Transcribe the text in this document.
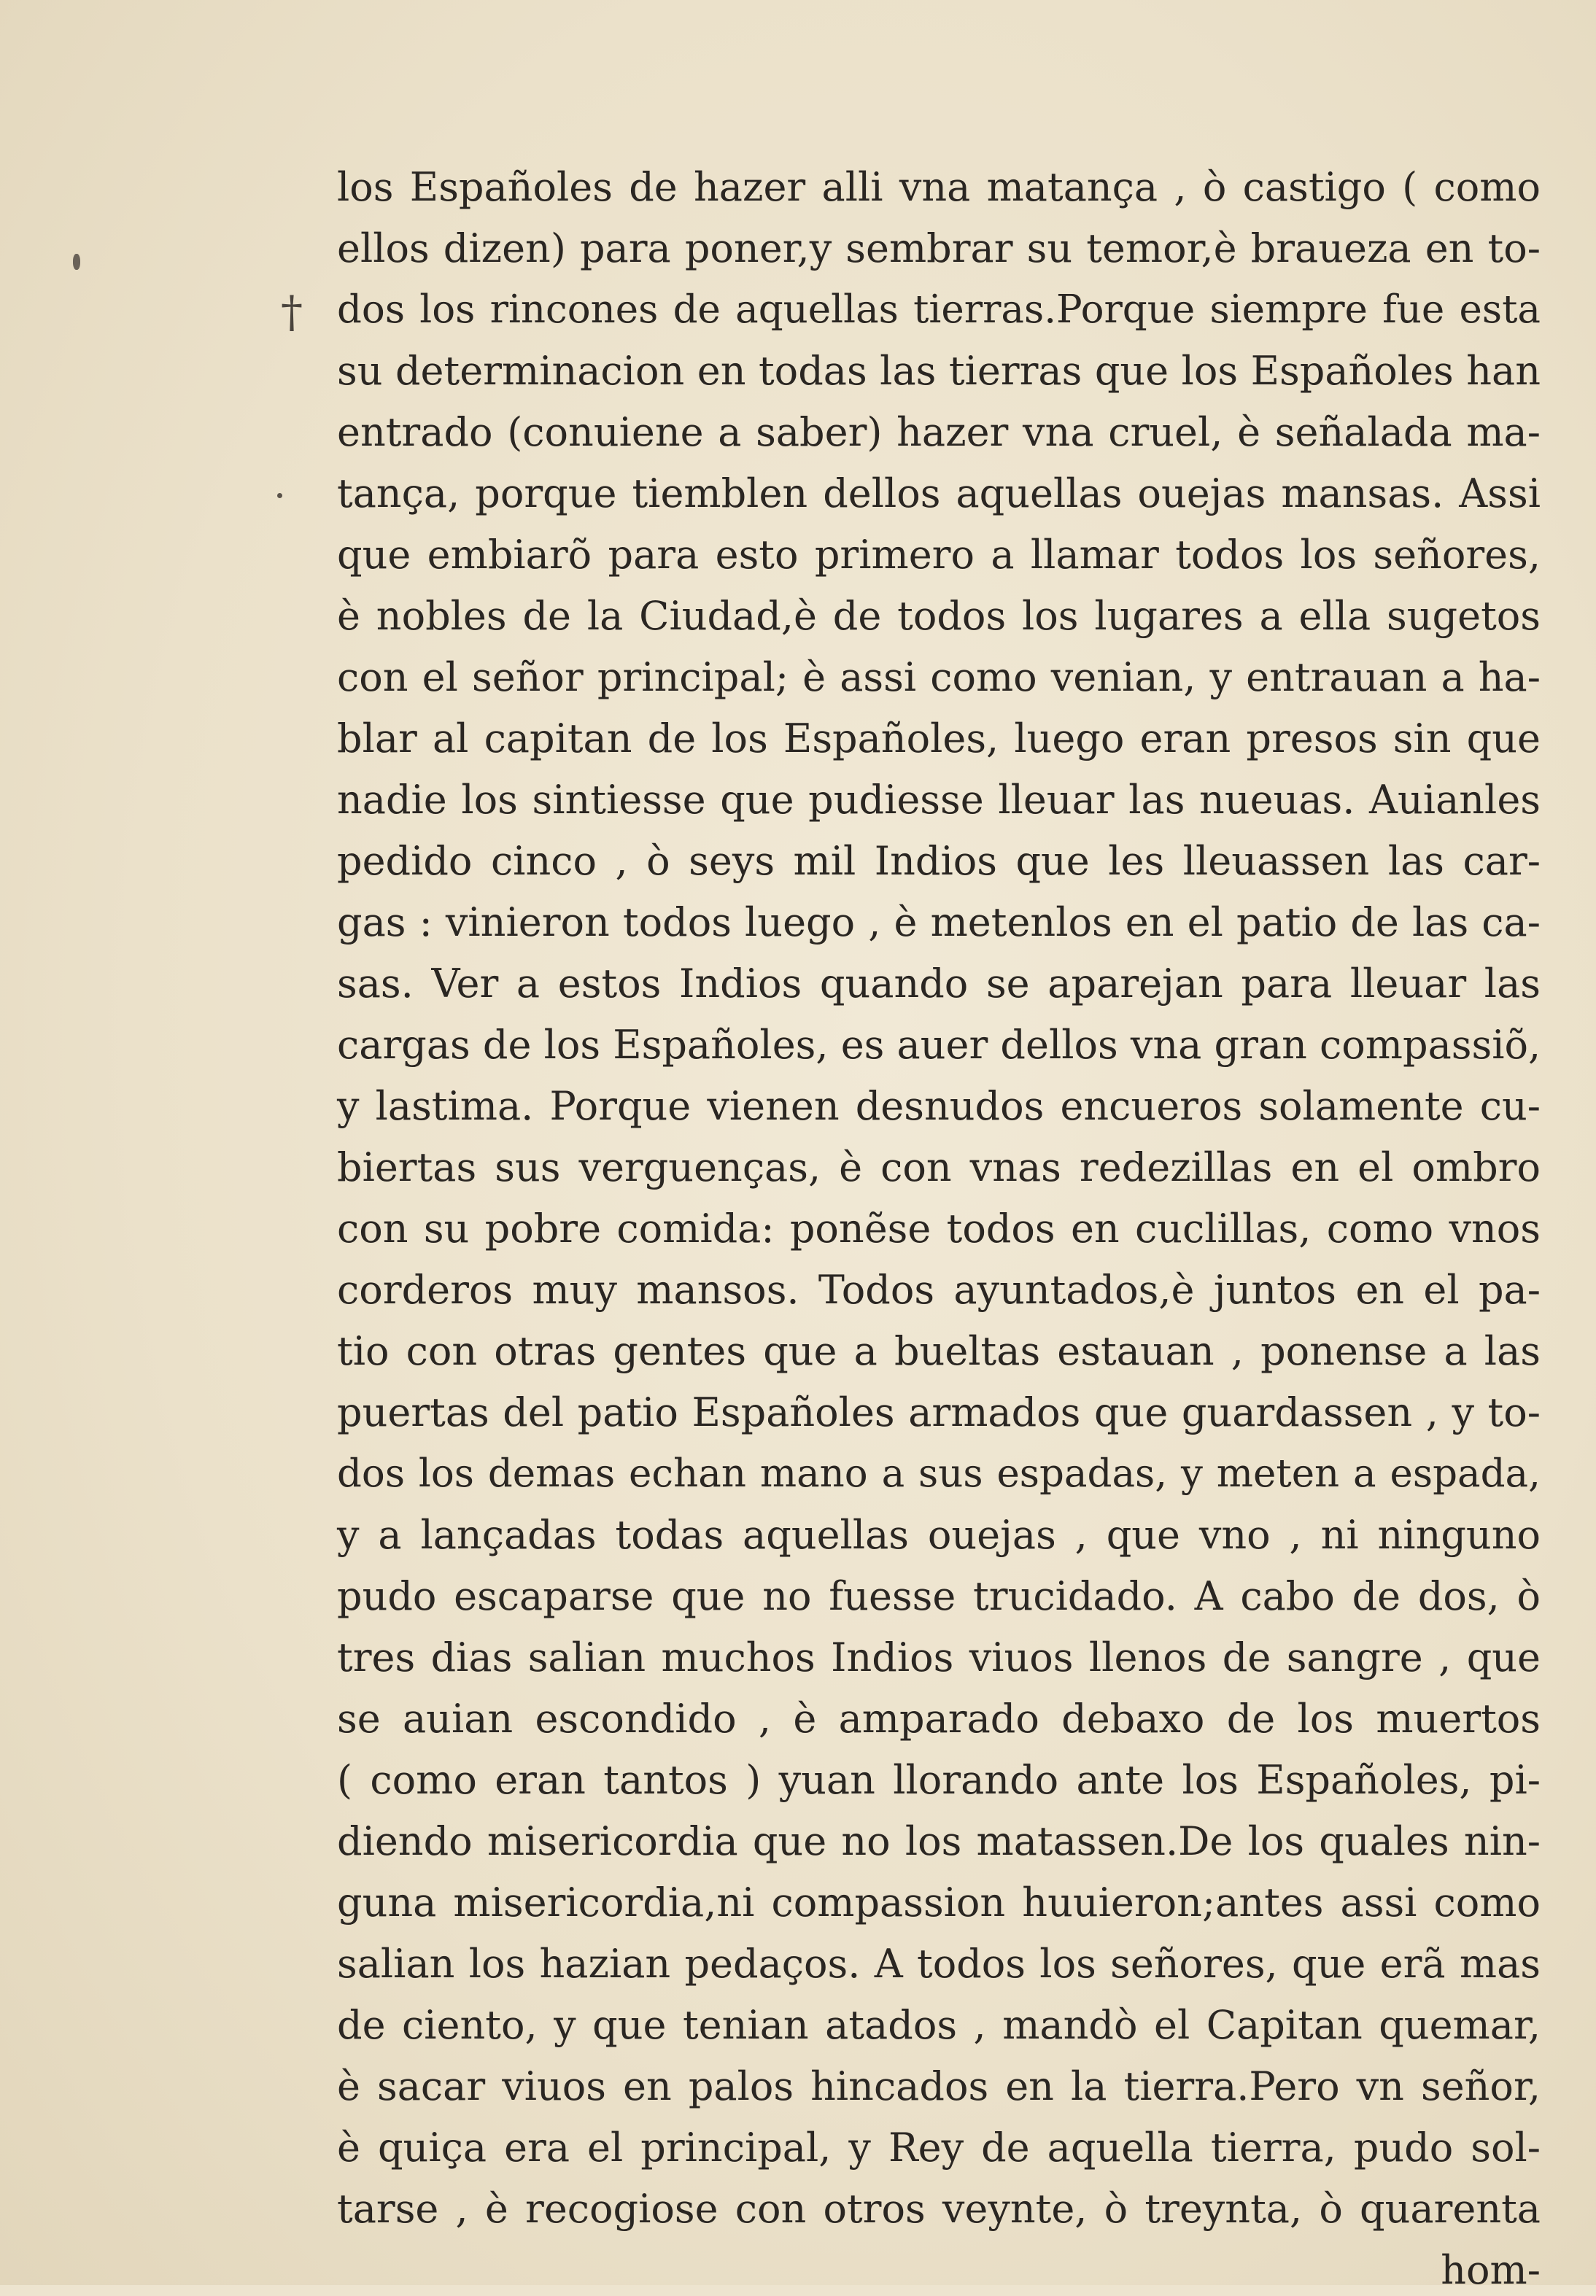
†
los Españoles de hazer alli vna matança , ò castigo ( como
ellos dizen) para poner,y sembrar su temor,è braueza en to-
dos los rincones de aquellas tierras.Porque siempre fue esta
su determinacion en todas las tierras que los Españoles han
entrado (conuiene a saber) hazer vna cruel, è señalada ma-
tança, porque tiemblen dellos aquellas ouejas mansas. Assi
que embiarõ para esto primero a llamar todos los señores,
è nobles de la Ciudad,è de todos los lugares a ella sugetos
con el señor principal; è assi como venian, y entrauan a ha-
blar al capitan de los Españoles, luego eran presos sin que
nadie los sintiesse que pudiesse lleuar las nueuas. Auianles
pedido cinco , ò seys mil Indios que les lleuassen las car-
gas : vinieron todos luego , è metenlos en el patio de las ca-
sas. Ver a estos Indios quando se aparejan para lleuar las
cargas de los Españoles, es auer dellos vna gran compassiõ,
y lastima. Porque vienen desnudos encueros solamente cu-
biertas sus verguenças, è con vnas redezillas en el ombro
con su pobre comida: ponẽse todos en cuclillas, como vnos
corderos muy mansos. Todos ayuntados,è juntos en el pa-
tio con otras gentes que a bueltas estauan , ponense a las
puertas del patio Españoles armados que guardassen , y to-
dos los demas echan mano a sus espadas, y meten a espada,
y a lançadas todas aquellas ouejas , que vno , ni ninguno
pudo escaparse que no fuesse trucidado. A cabo de dos, ò
tres dias salian muchos Indios viuos llenos de sangre , que
se auian escondido , è amparado debaxo de los muertos
( como eran tantos ) yuan llorando ante los Españoles, pi-
diendo misericordia que no los matassen.De los quales nin-
guna misericordia,ni compassion huuieron;antes assi como
salian los hazian pedaços. A todos los señores, que erã mas
de ciento, y que tenian atados , mandò el Capitan quemar,
è sacar viuos en palos hincados en la tierra.Pero vn señor,
è quiça era el principal, y Rey de aquella tierra, pudo sol-
tarse , è recogiose con otros veynte, ò treynta, ò quarenta
hom-
